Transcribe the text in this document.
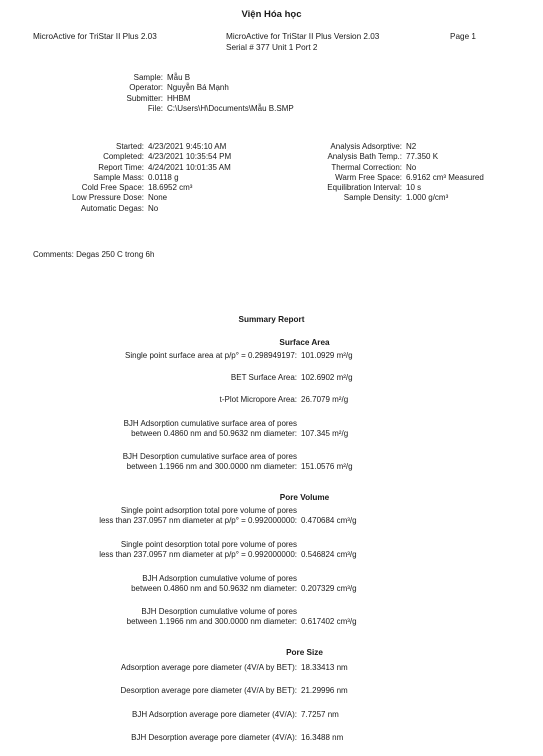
Viện Hóa học
MicroActive for TriStar II Plus 2.03	MicroActive for TriStar II Plus Version 2.03
Serial # 377 Unit 1 Port 2
Page 1
Sample: Mẫu B
Operator: Nguyễn Bá Mạnh
Submitter: HHBM
File: C:\Users\H\Documents\Mẫu B.SMP
Started: 4/23/2021 9:45:10 AM
Completed: 4/23/2021 10:35:54 PM
Report Time: 4/24/2021 10:01:35 AM
Sample Mass: 0.0118 g
Cold Free Space: 18.6952 cm³
Low Pressure Dose: None
Automatic Degas: No
Analysis Adsorptive: N2
Analysis Bath Temp.: 77.350 K
Thermal Correction: No
Warm Free Space: 6.9162 cm³ Measured
Equilibration Interval: 10 s
Sample Density: 1.000 g/cm³
Comments: Degas 250 C trong 6h
Summary Report
Surface Area
Single point surface area at p/p° = 0.298949197: 101.0929 m²/g
BET Surface Area: 102.6902 m²/g
t-Plot Micropore Area: 26.7079 m²/g
BJH Adsorption cumulative surface area of pores
between 0.4860 nm and 50.9632 nm diameter: 107.345 m²/g
BJH Desorption cumulative surface area of pores
between 1.1966 nm and 300.0000 nm diameter: 151.0576 m²/g
Pore Volume
Single point adsorption total pore volume of pores
less than 237.0957 nm diameter at p/p° = 0.992000000: 0.470684 cm³/g
Single point desorption total pore volume of pores
less than 237.0957 nm diameter at p/p° = 0.992000000: 0.546824 cm³/g
BJH Adsorption cumulative volume of pores
between 0.4860 nm and 50.9632 nm diameter: 0.207329 cm³/g
BJH Desorption cumulative volume of pores
between 1.1966 nm and 300.0000 nm diameter: 0.617402 cm³/g
Pore Size
Adsorption average pore diameter (4V/A by BET): 18.33413 nm
Desorption average pore diameter (4V/A by BET): 21.29996 nm
BJH Adsorption average pore diameter (4V/A): 7.7257 nm
BJH Desorption average pore diameter (4V/A): 16.3488 nm
